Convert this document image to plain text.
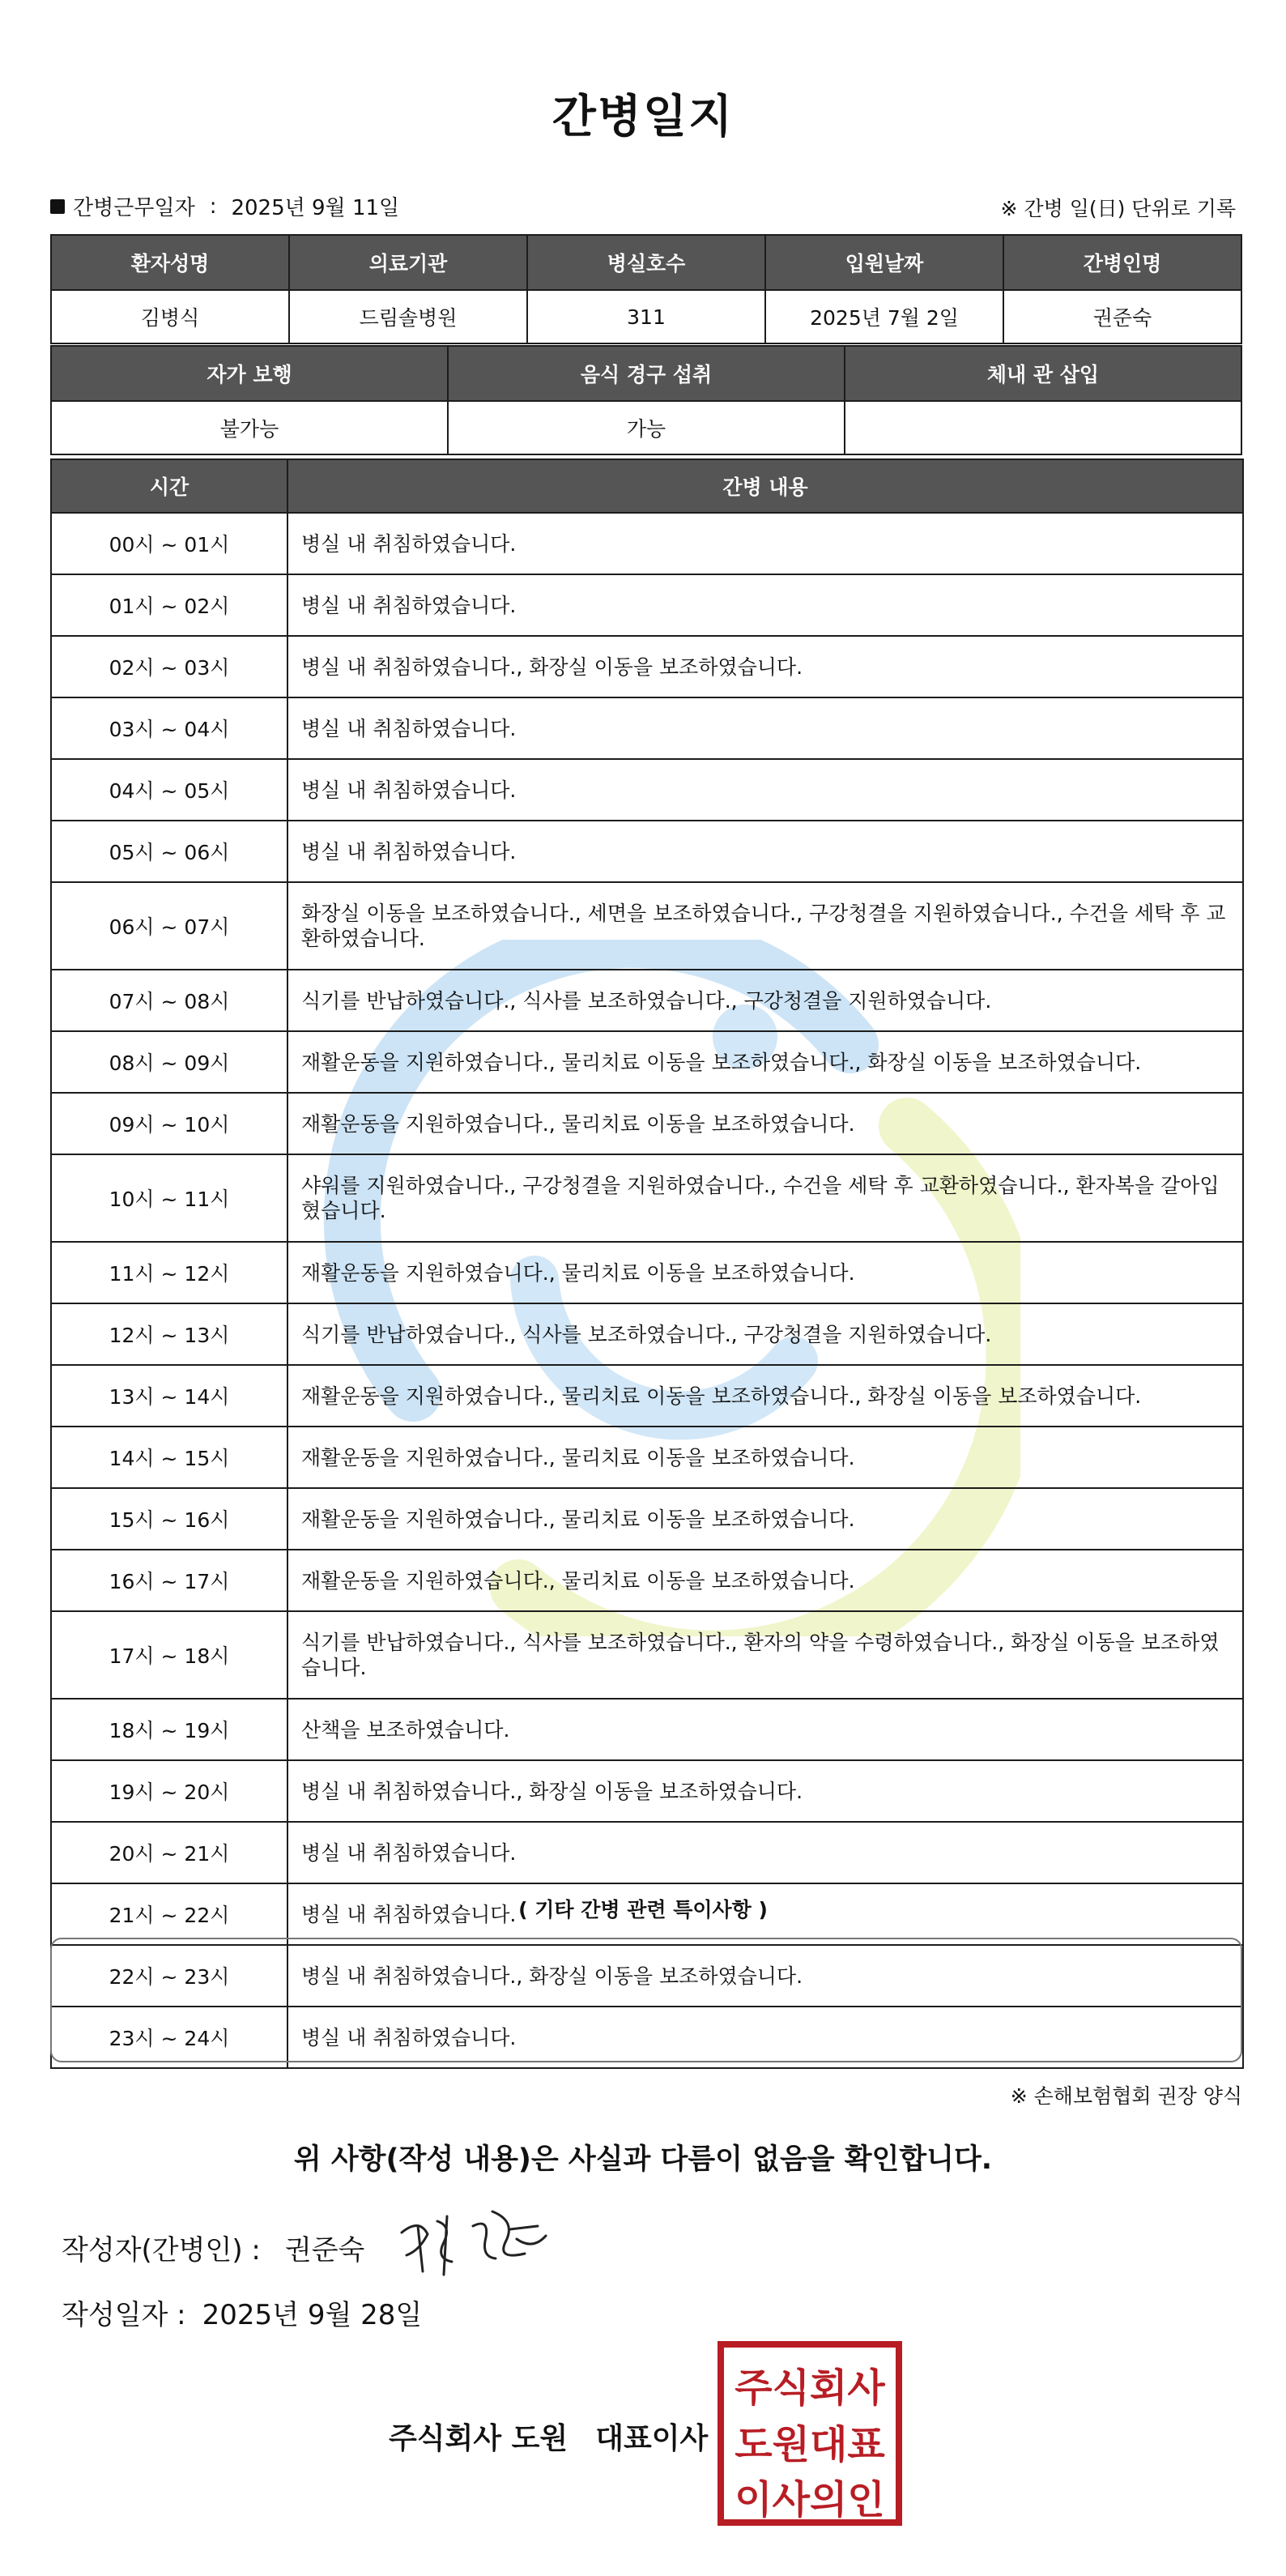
간병일지
간병근무일자 : 2025년 9월 11일	※ 간병 일(日) 단위로 기록
환자성명	의료기관	병실호수	입원날짜	간병인명
김병식	드림솔병원	311	2025년 7월 2일	권준숙
자가 보행	음식 경구 섭취	체내 관 삽입
불가능	가능	
시간	간병 내용
00시 ~ 01시	병실 내 취침하였습니다.
01시 ~ 02시	병실 내 취침하였습니다.
02시 ~ 03시	병실 내 취침하였습니다., 화장실 이동을 보조하였습니다.
03시 ~ 04시	병실 내 취침하였습니다.
04시 ~ 05시	병실 내 취침하였습니다.
05시 ~ 06시	병실 내 취침하였습니다.
06시 ~ 07시	화장실 이동을 보조하였습니다., 세면을 보조하였습니다., 구강청결을 지원하였습니다., 수건을 세탁 후 교환하였습니다.
07시 ~ 08시	식기를 반납하였습니다., 식사를 보조하였습니다., 구강청결을 지원하였습니다.
08시 ~ 09시	재활운동을 지원하였습니다., 물리치료 이동을 보조하였습니다., 화장실 이동을 보조하였습니다.
09시 ~ 10시	재활운동을 지원하였습니다., 물리치료 이동을 보조하였습니다.
10시 ~ 11시	샤워를 지원하였습니다., 구강청결을 지원하였습니다., 수건을 세탁 후 교환하였습니다., 환자복을 갈아입혔습니다.
11시 ~ 12시	재활운동을 지원하였습니다., 물리치료 이동을 보조하였습니다.
12시 ~ 13시	식기를 반납하였습니다., 식사를 보조하였습니다., 구강청결을 지원하였습니다.
13시 ~ 14시	재활운동을 지원하였습니다., 물리치료 이동을 보조하였습니다., 화장실 이동을 보조하였습니다.
14시 ~ 15시	재활운동을 지원하였습니다., 물리치료 이동을 보조하였습니다.
15시 ~ 16시	재활운동을 지원하였습니다., 물리치료 이동을 보조하였습니다.
16시 ~ 17시	재활운동을 지원하였습니다., 물리치료 이동을 보조하였습니다.
17시 ~ 18시	식기를 반납하였습니다., 식사를 보조하였습니다., 환자의 약을 수령하였습니다., 화장실 이동을 보조하였습니다.
18시 ~ 19시	산책을 보조하였습니다.
19시 ~ 20시	병실 내 취침하였습니다., 화장실 이동을 보조하였습니다.
20시 ~ 21시	병실 내 취침하였습니다.
21시 ~ 22시	병실 내 취침하였습니다.
22시 ~ 23시	병실 내 취침하였습니다., 화장실 이동을 보조하였습니다.
23시 ~ 24시	병실 내 취침하였습니다.
( 기타 간병 관련 특이사항 )
※ 손해보험협회 권장 양식
위 사항(작성 내용)은 사실과 다름이 없음을 확인합니다.
작성자(간병인) : 권준숙
작성일자 : 2025년 9월 28일
주식회사 도원 대표이사
주식회사
도원대표
이사의인
